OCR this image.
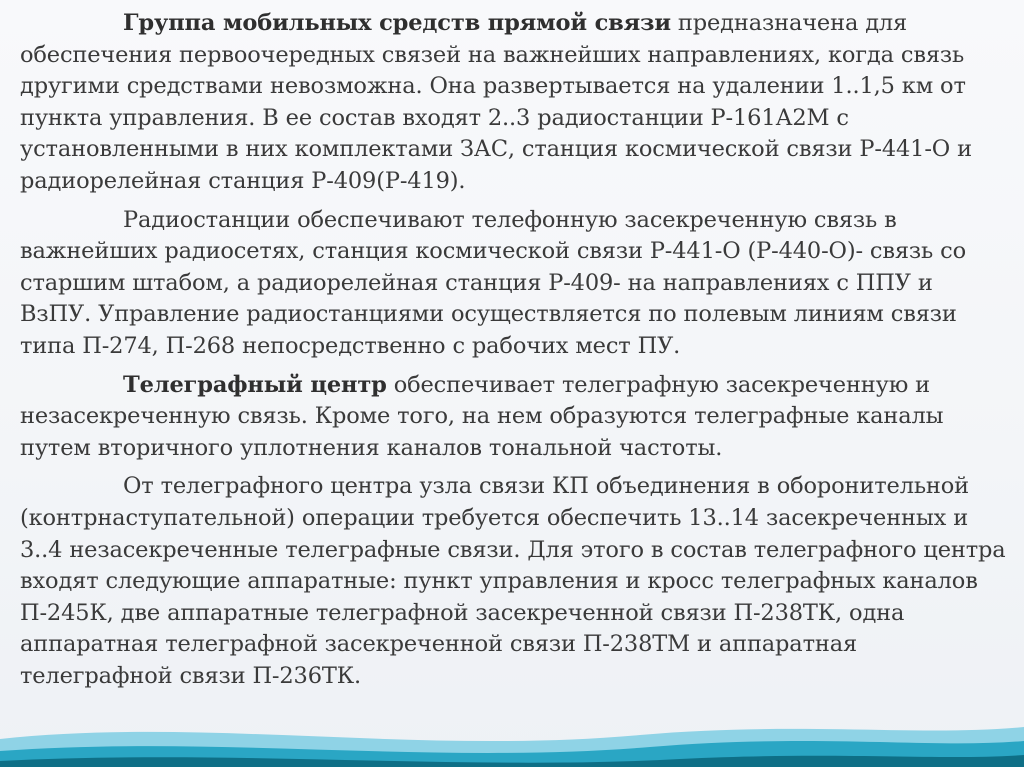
Группа мобильных средств прямой связи предназначена для обеспечения первоочередных связей на важнейших направлениях, когда связь другими средствами невозможна. Она развертывается на удалении 1..1,5 км от пункта управления. В ее состав входят 2..3 радиостанции Р-161А2М с установленными в них комплектами ЗАС, станция космической связи Р-441-О и радиорелейная станция Р-409(Р-419).

Радиостанции обеспечивают телефонную засекреченную связь в важнейших радиосетях, станция космической связи Р-441-О (Р-440-О)- связь со старшим штабом, а радиорелейная станция Р-409- на направлениях с ППУ и ВзПУ. Управление радиостанциями осуществляется по полевым линиям связи типа П-274, П-268 непосредственно с рабочих мест ПУ.

Телеграфный центр обеспечивает телеграфную засекреченную и незасекреченную связь. Кроме того, на нем образуются телеграфные каналы путем вторичного уплотнения каналов тональной частоты.

От телеграфного центра узла связи КП объединения в оборонительной (контрнаступательной) операции требуется обеспечить 13..14 засекреченных и 3..4 незасекреченные телеграфные связи. Для этого в состав телеграфного центра входят следующие аппаратные: пункт управления и кросс телеграфных каналов П-245К, две аппаратные телеграфной засекреченной связи П-238ТК, одна аппаратная телеграфной засекреченной связи П-238ТМ и аппаратная телеграфной связи П-236ТК.
